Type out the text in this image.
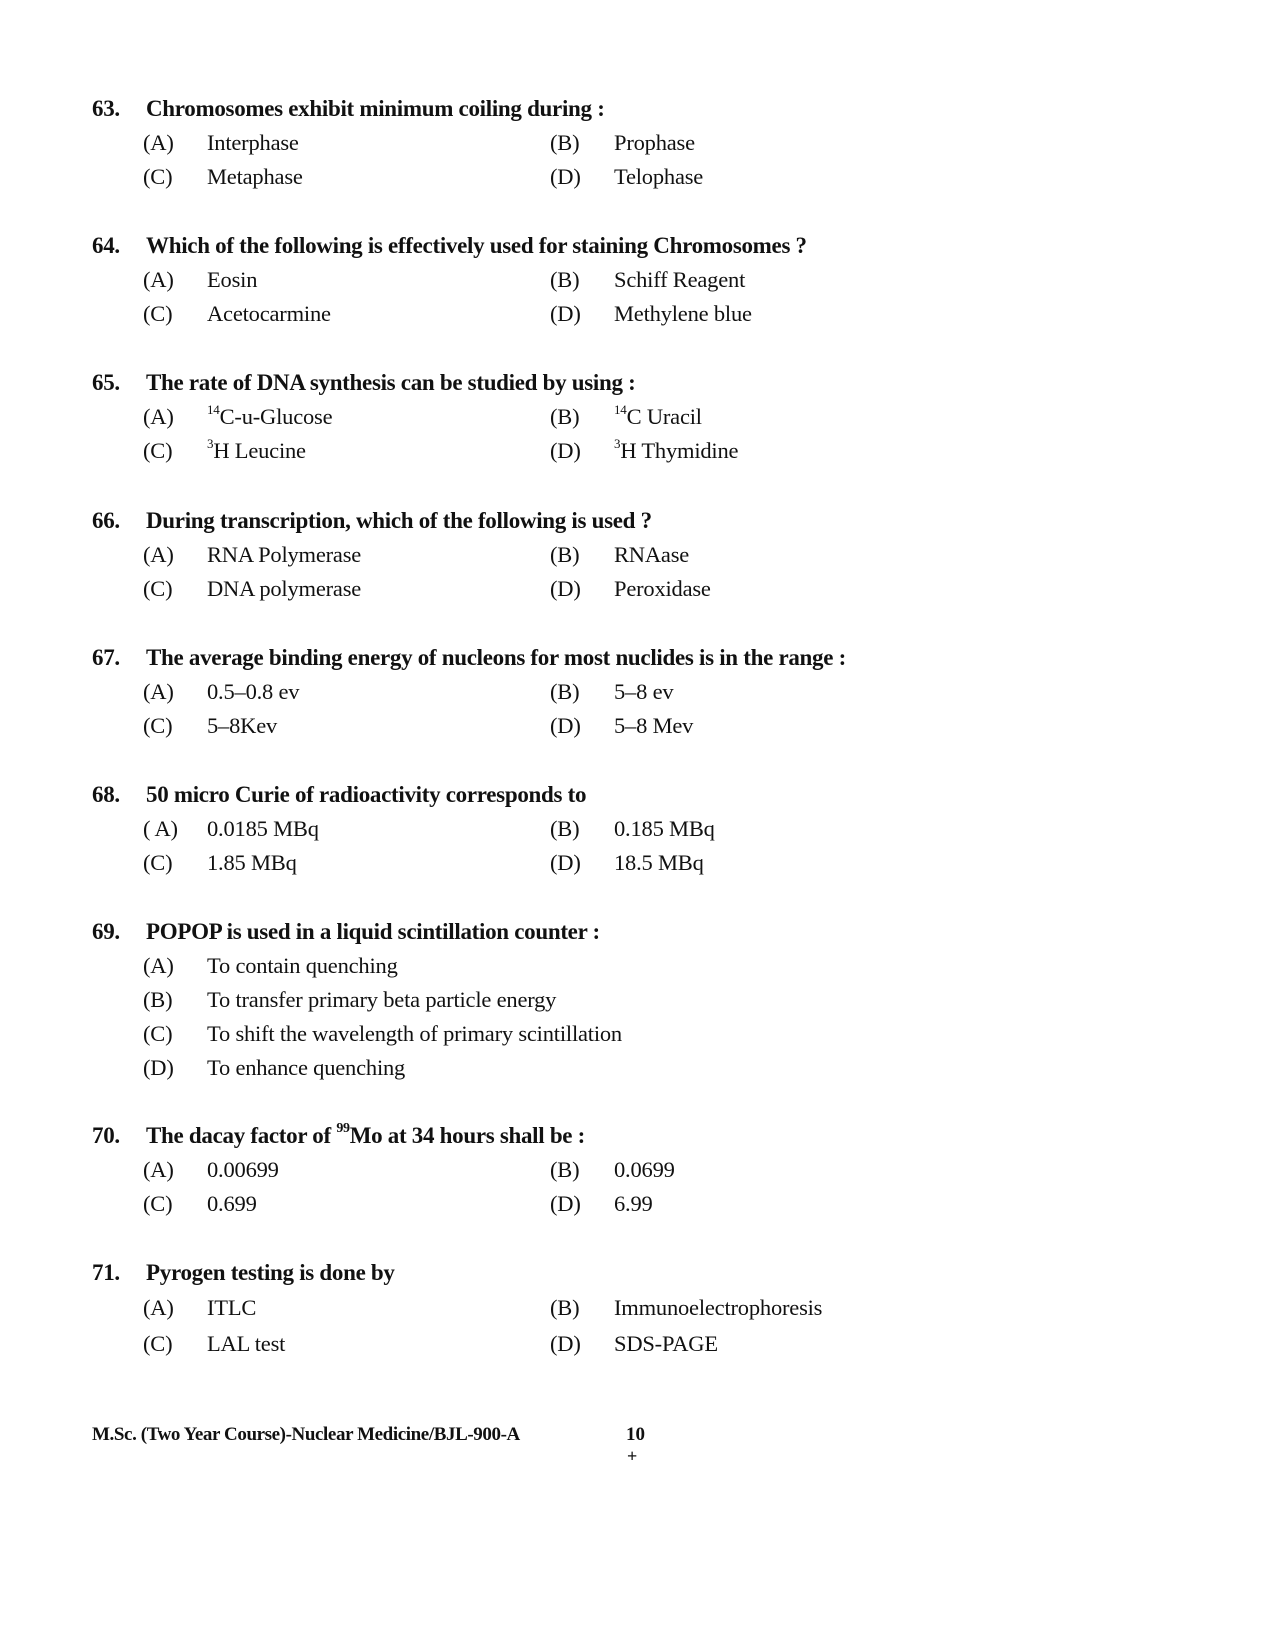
63. Chromosomes exhibit minimum coiling during :
(A) Interphase	(B) Prophase
(C) Metaphase	(D) Telophase
64. Which of the following is effectively used for staining Chromosomes ?
(A) Eosin	(B) Schiff Reagent
(C) Acetocarmine	(D) Methylene blue
65. The rate of DNA synthesis can be studied by using :
(A)	$^{14}$C-u-Glucose	(B)	$^{14}$C Uracil
(C)	$^3$H Leucine	(D)	$^3$H Thymidine
66. During transcription, which of the following is used ?
(A) RNA Polymerase	(B) RNAase
(C) DNA polymerase	(D) Peroxidase
67. The average binding energy of nucleons for most nuclides is in the range :
(A) 0.5–0.8 ev	(B) 5–8 ev
(C) 5–8Kev	(D) 5–8 Mev
68. 50 micro Curie of radioactivity corresponds to
( A) 0.0185 MBq	(B) 0.185 MBq
(C) 1.85 MBq	(D) 18.5 MBq
69. POPOP is used in a liquid scintillation counter :
(A) To contain quenching
(B) To transfer primary beta particle energy
(C) To shift the wavelength of primary scintillation
(D) To enhance quenching
70. The dacay factor of $^{99}$Mo at 34 hours shall be :
(A) 0.00699	(B) 0.0699
(C) 0.699	(D) 6.99
71. Pyrogen testing is done by
(A) ITLC	(B) Immunoelectrophoresis
(C) LAL test	(D) SDS-PAGE
M.Sc. (Two Year Course)-Nuclear Medicine/BJL-900-A	10
+
